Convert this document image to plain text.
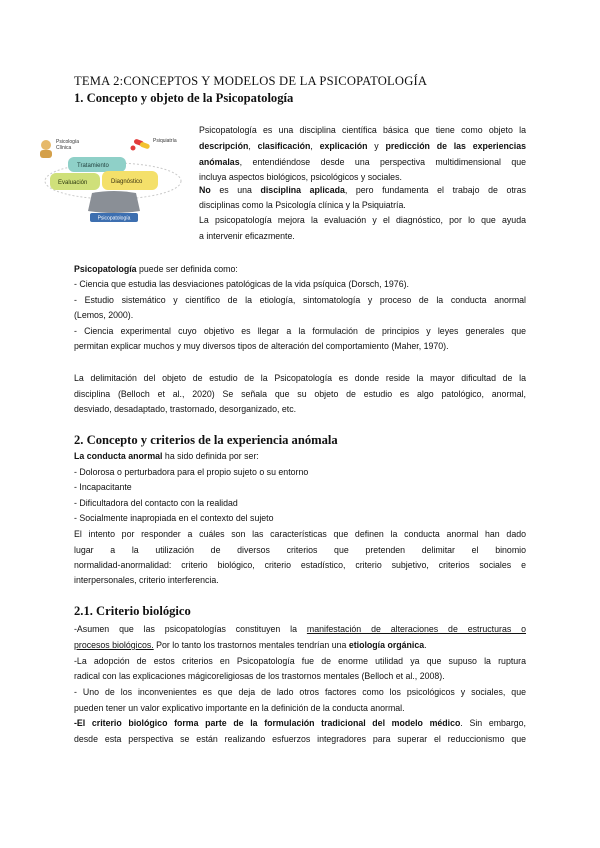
TEMA 2:CONCEPTOS Y MODELOS DE LA PSICOPATOLOGÍA
1. Concepto y objeto de la Psicopatología
Psicología
Clínica
Psiquiatría
Tratamiento
Evaluación	Diagnóstico
Psicopatología

Psicopatología es una disciplina científica básica que tiene como objeto la

descripción, clasificación, explicación y predicción de las experiencias

anómalas, entendiéndose desde una perspectiva multidimensional que

incluya aspectos biológicos, psicológicos y sociales.

No es una disciplina aplicada, pero fundamenta el trabajo de otras

disciplinas como la Psicología clínica y la Psiquiatría.

La psicopatología mejora la evaluación y el diagnóstico, por lo que ayuda

a intervenir eficazmente.

Psicopatología puede ser definida como:

- Ciencia que estudia las desviaciones patológicas de la vida psíquica (Dorsch, 1976).

- Estudio sistemático y científico de la etiología, sintomatología y proceso de la conducta anormal

(Lemos, 2000).

- Ciencia experimental cuyo objetivo es llegar a la formulación de principios y leyes generales que

permitan explicar muchos y muy diversos tipos de alteración del comportamiento (Maher, 1970).

La delimitación del objeto de estudio de la Psicopatología es donde reside la mayor dificultad de la

disciplina (Belloch et al., 2020) Se señala que su objeto de estudio es algo patológico, anormal,

desviado, desadaptado, trastornado, desorganizado, etc.

2. Concepto y criterios de la experiencia anómala

La conducta anormal ha sido definida por ser:

- Dolorosa o perturbadora para el propio sujeto o su entorno

- Incapacitante

- Dificultadora del contacto con la realidad

- Socialmente inapropiada en el contexto del sujeto

El intento por responder a cuáles son las características que definen la conducta anormal han dado

lugar a la utilización de diversos criterios que pretenden delimitar el binomio

normalidad-anormalidad: criterio biológico, criterio estadístico, criterio subjetivo, criterios sociales e

interpersonales, criterio interferencia.

2.1. Criterio biológico

-Asumen que las psicopatologías constituyen la manifestación de alteraciones de estructuras o

procesos biológicos. Por lo tanto los trastornos mentales tendrían una etiología orgánica.

-La adopción de estos criterios en Psicopatología fue de enorme utilidad ya que supuso la ruptura

radical con las explicaciones mágicoreligiosas de los trastornos mentales (Belloch et al., 2008).

- Uno de los inconvenientes es que deja de lado otros factores como los psicológicos y sociales, que

pueden tener un valor explicativo importante en la definición de la conducta anormal.

-El criterio biológico forma parte de la formulación tradicional del modelo médico. Sin embargo,

desde esta perspectiva se están realizando esfuerzos integradores para superar el reduccionismo que
